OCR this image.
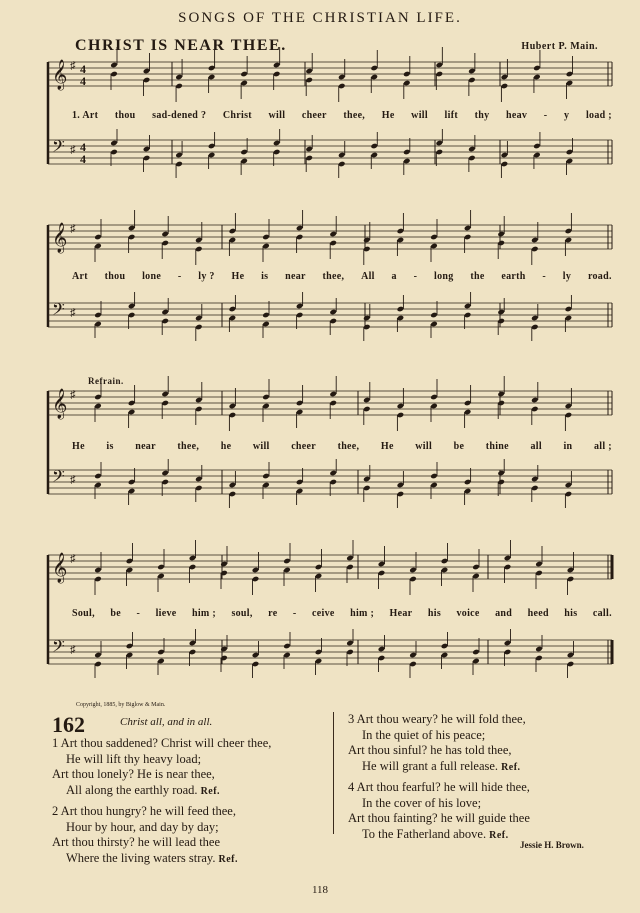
SONGS OF THE CHRISTIAN LIFE.
CHRIST IS NEAR THEE.	Hubert P. Main.
Refrain.
𝄞 ♯ 4
4
𝄢 ♯ 4
4
𝄞 ♯
𝄢 ♯
𝄞 ♯
𝄢 ♯
𝄞 ♯
𝄢 ♯
1. Art thou sad-dened ? Christ will cheer thee, He will lift thy heav - y load ;
Art thou lone - ly ? He is near thee, All a - long the earth - ly road.
He is near thee, he will cheer thee, He will be thine all in all ;
Soul, be - lieve him ; soul, re - ceive him ; Hear his voice and heed his call.
Copyright, 1885, by Biglow & Main.
162	Christ all, and in all.
1 Art thou saddened? Christ will cheer thee,
He will lift thy heavy load;
Art thou lonely? He is near thee,
All along the earthly road. Ref.
2 Art thou hungry? he will feed thee,
Hour by hour, and day by day;
Art thou thirsty? he will lead thee
Where the living waters stray. Ref.
3 Art thou weary? he will fold thee,
In the quiet of his peace;
Art thou sinful? he has told thee,
He will grant a full release. Ref.
4 Art thou fearful? he will hide thee,
In the cover of his love;
Art thou fainting? he will guide thee
To the Fatherland above. Ref.
Jessie H. Brown.
118
